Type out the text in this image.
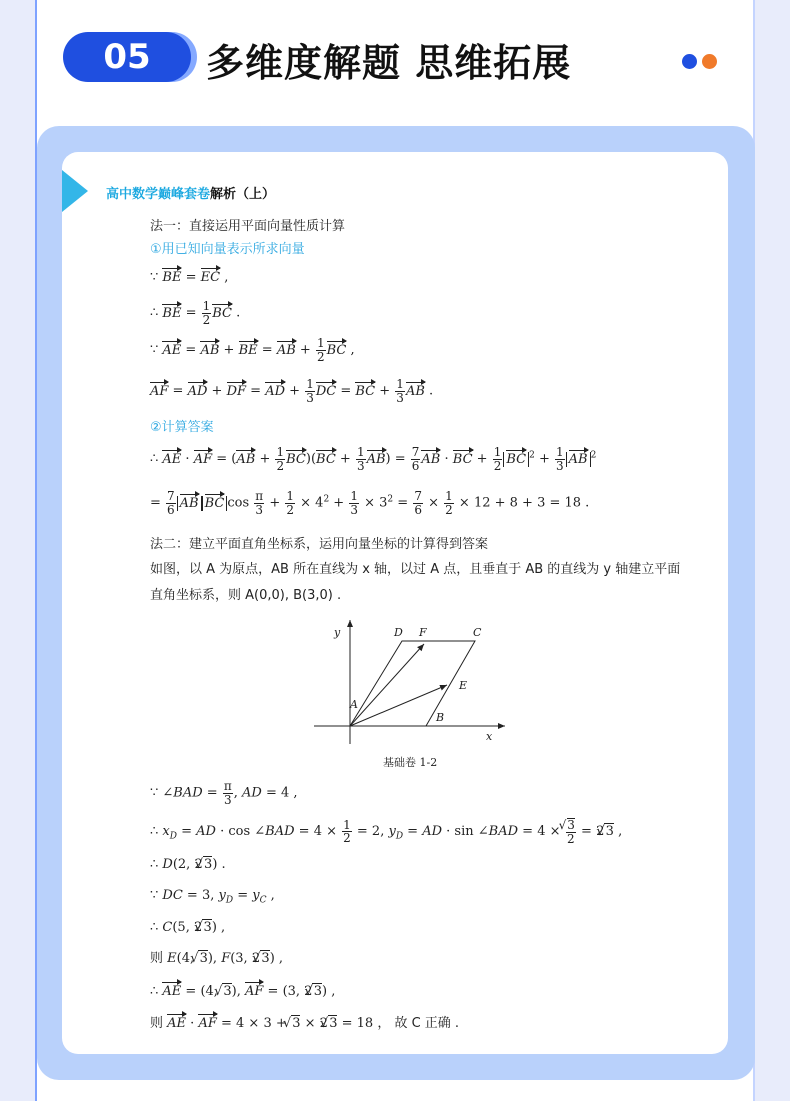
05	多维度解题 思维拓展
高中数学巅峰套卷解析（上）
法一：直接运用平面向量性质计算
①用已知向量表示所求向量
∵ BE = EC ,
∴ BE = $\frac{1}{2}$ BC .
∵ AE = AB + BE = AB + $\frac{1}{2}$ BC ,
AF = AD + DF = AD + $\frac{1}{3}$ DC = BC + $\frac{1}{3}$ AB .
②计算答案
∴ AE · AF = $(AB + \frac{1}{2} BC)(BC + \frac{1}{3} AB) = \frac{7}{6}$ AB · BC + $\frac{1}{2}$ BC $^2 + \frac{1}{3}$ AB $^2$
= $\frac{7}{6}$ AB BC $\cos \frac{\pi}{3} + \frac{1}{2} \times 4^2 + \frac{1}{3} \times 3^2 = \frac{7}{6} \times \frac{1}{2} \times 12 + 8 + 3 = 18$ .
法二：建立平面直角坐标系，运用向量坐标的计算得到答案
如图，以 A 为原点，AB 所在直线为 x 轴，以过 A 点，且垂直于 AB 的直线为 y 轴建立平面
直角坐标系，则 A(0,0), B(3,0) .
y
x
D F	C
E
A
B
基础卷 1-2
∵ ∠BAD = $\frac{\pi}{3}$ , AD = 4 ,
∴ $x_D$ = AD · cos ∠BAD = $4 \times \frac{1}{2} = 2$, $y_D$ = AD · sin ∠BAD = 4 ×
√ $\frac{3}{2} = 2√$ 3 ,
∴ D(2, 2√ 3) .
∵ DC = 3, $y_D = y_C$ ,
∴ C(5, 2√ 3) ,
则 E(4, √ 3), F(3, 2√ 3) ,
∴ AE = (4, √ 3), AF = (3, 2√ 3) ,
则 AE · AF = 4 × 3 + √ 3 × 2√ 3 = 18 ， 故 C 正确 .
